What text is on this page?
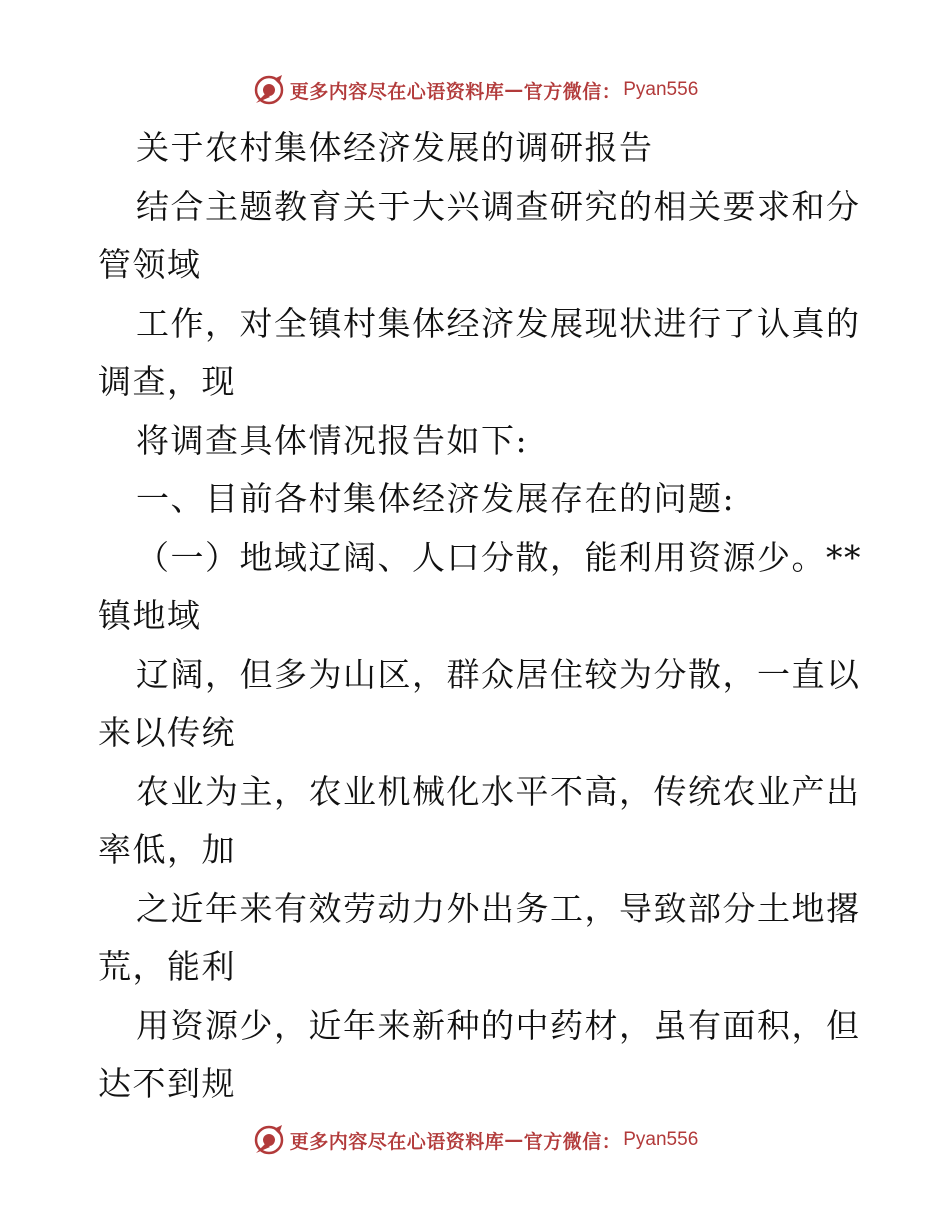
更多内容尽在心语资料库 — 官方微信： Pyan556
关于农村集体经济发展的调研报告
结合主题教育关于大兴调查研究的相关要求和分
管领域
工作，对全镇村集体经济发展现状进行了认真的
调查，现
将调查具体情况报告如下:
一、目前各村集体经济发展存在的问题:
（一）地域辽阔、人口分散，能利用资源少。**
镇地域
辽阔，但多为山区，群众居住较为分散，一直以
来以传统
农业为主，农业机械化水平不高，传统农业产出
率低，加
之近年来有效劳动力外出务工，导致部分土地撂
荒，能利
用资源少，近年来新种的中药材，虽有面积，但
达不到规
更多内容尽在心语资料库 — 官方微信： Pyan556
